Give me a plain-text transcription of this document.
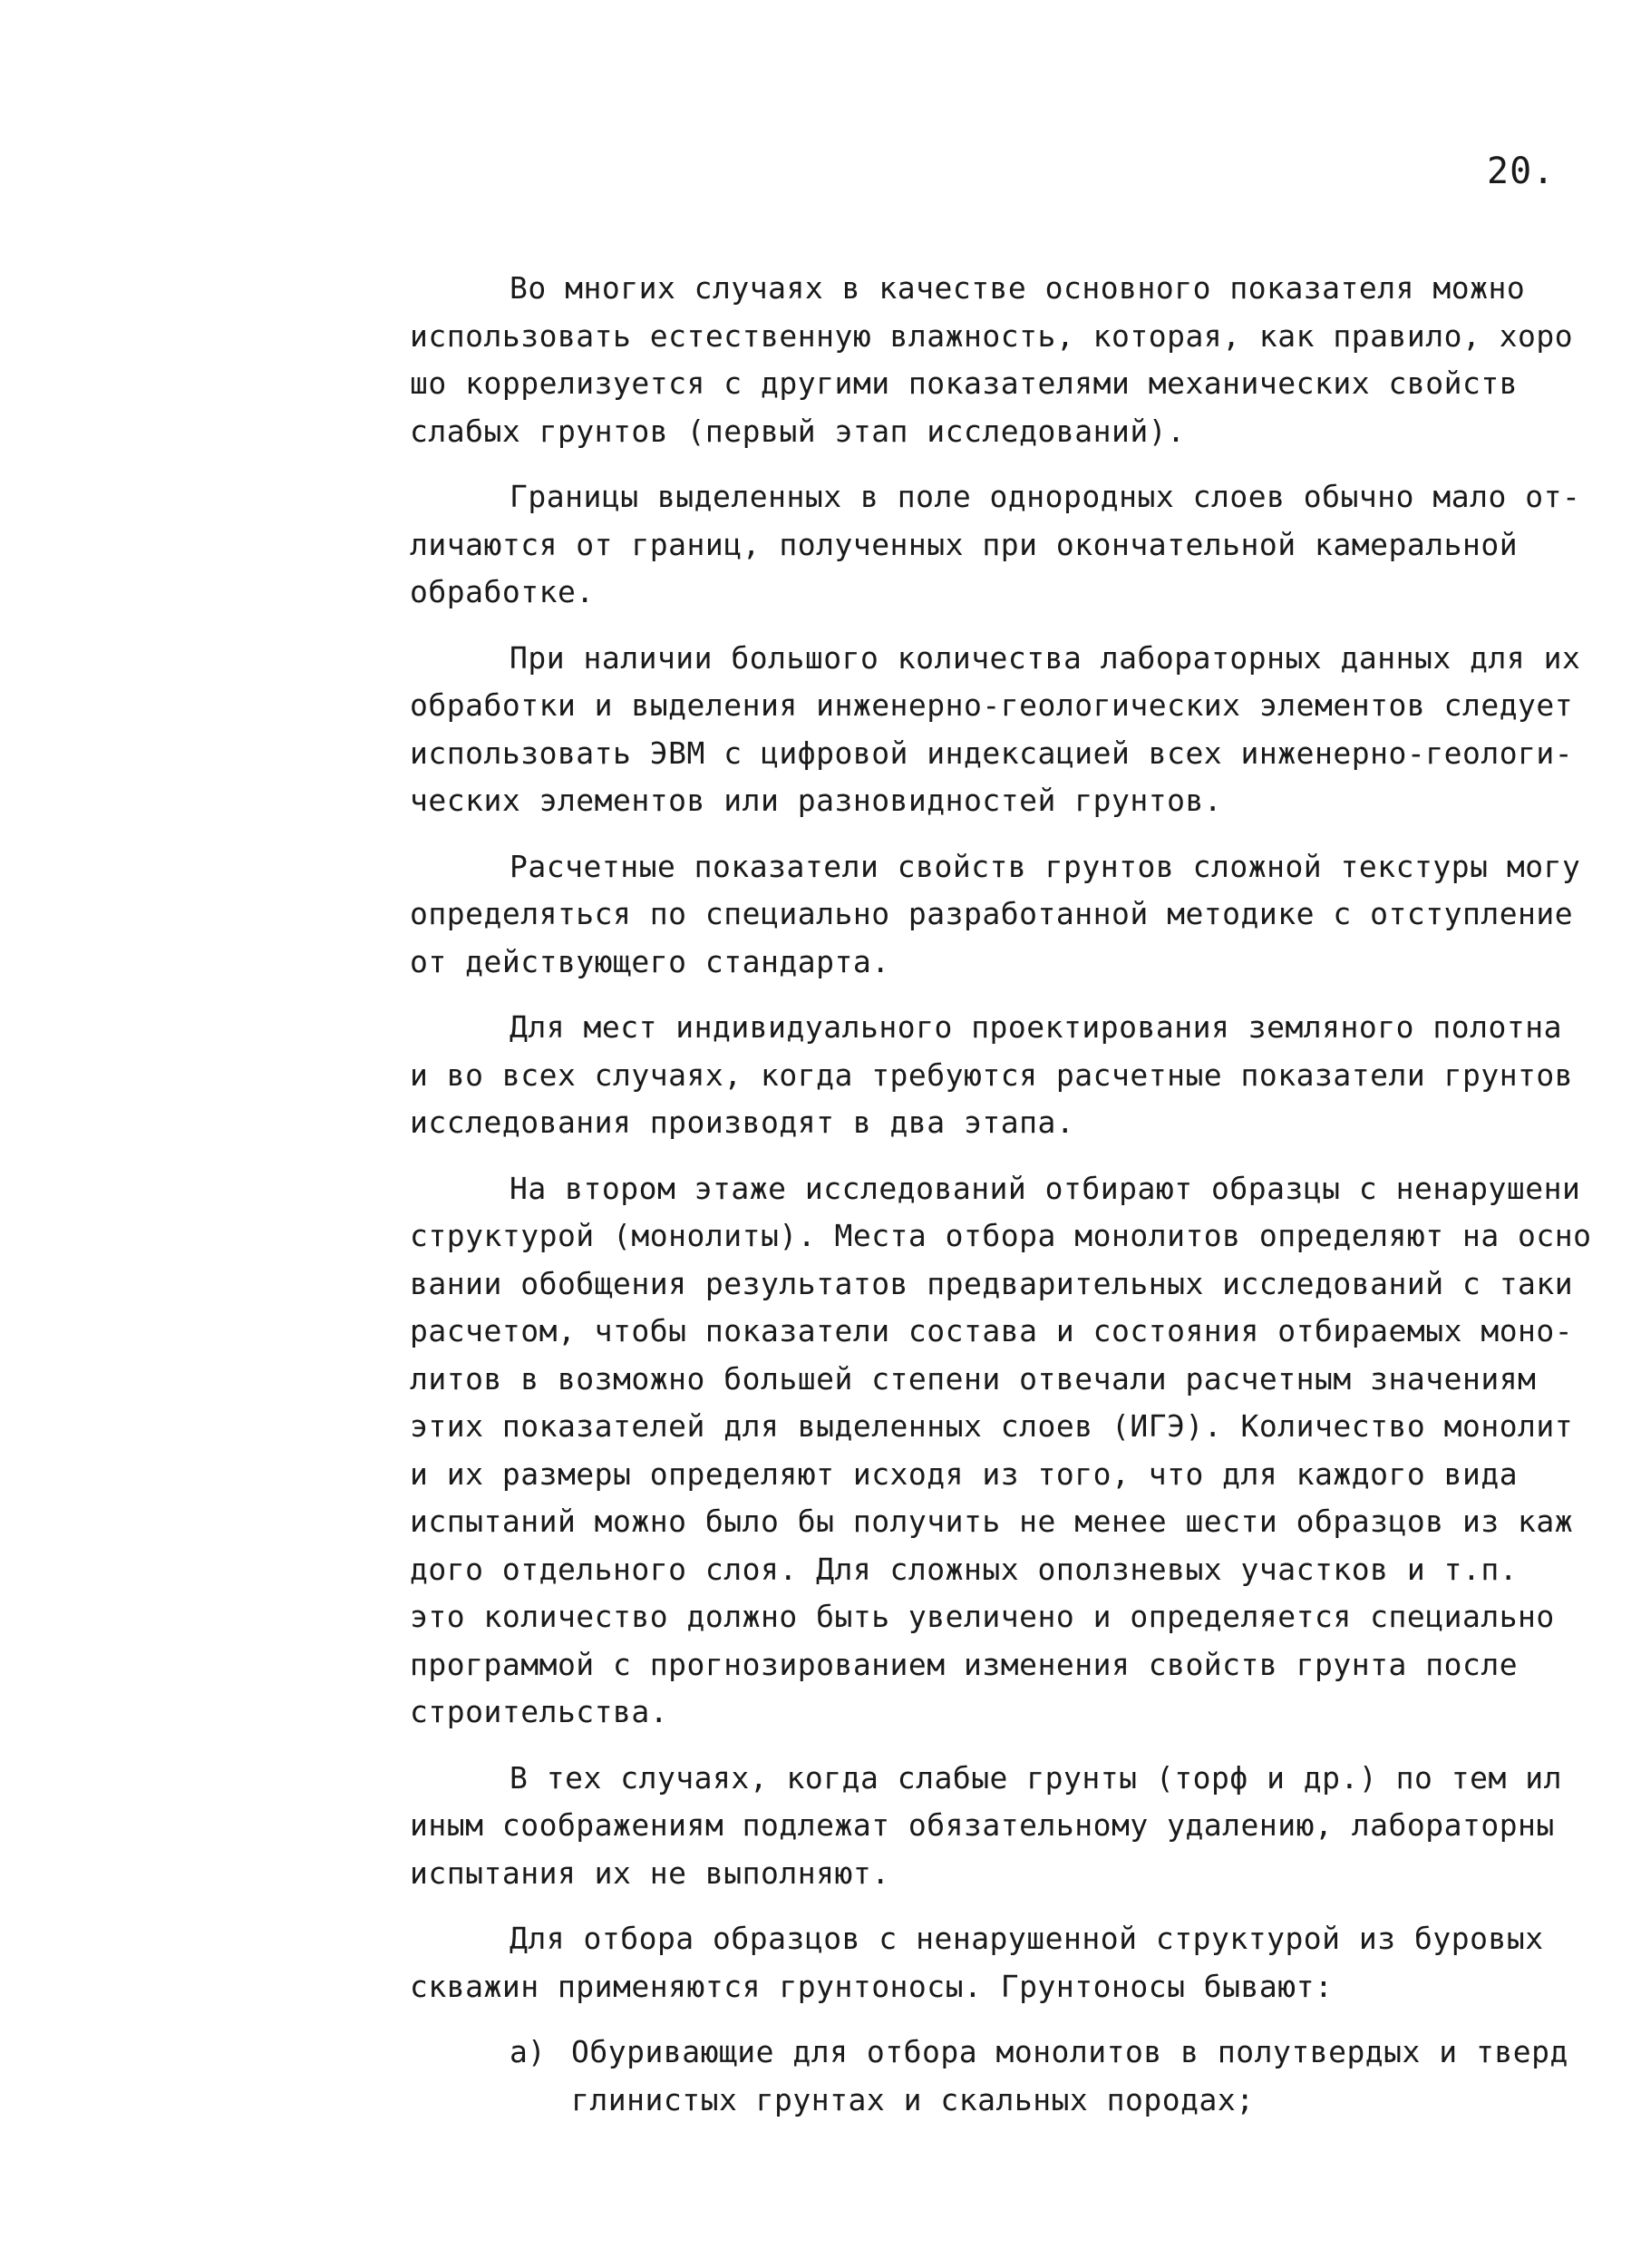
20.
Во многих случаях в качестве основного показателя можно
использовать естественную влажность, которая, как правило, хоро
шо коррелизуется с другими показателями механических свойств
слабых грунтов (первый этап исследований).
Границы выделенных в поле однородных слоев обычно мало от-
личаются от границ, полученных при окончательной камеральной
обработке.
При наличии большого количества лабораторных данных для их
обработки и выделения инженерно-геологических элементов следует
использовать ЭВМ с цифровой индексацией всех инженерно-геологи-
ческих элементов или разновидностей грунтов.
Расчетные показатели свойств грунтов сложной текстуры могу
определяться по специально разработанной методике с отступление
от действующего стандарта.
Для мест индивидуального проектирования земляного полотна
и во всех случаях, когда требуются расчетные показатели грунтов
исследования производят в два этапа.
На втором этаже исследований отбирают образцы с ненарушени
структурой (монолиты). Места отбора монолитов определяют на осно
вании обобщения результатов предварительных исследований с таки
расчетом, чтобы показатели состава и состояния отбираемых моно-
литов в возможно большей степени отвечали расчетным значениям
этих показателей для выделенных слоев (ИГЭ). Количество монолит
и их размеры определяют исходя из того, что для каждого вида
испытаний можно было бы получить не менее шести образцов из каж
дого отдельного слоя. Для сложных оползневых участков и т.п.
это количество должно быть увеличено и определяется специально
программой с прогнозированием изменения свойств грунта после
строительства.
В тех случаях, когда слабые грунты (торф и др.) по тем ил
иным соображениям подлежат обязательному удалению, лабораторны
испытания их не выполняют.
Для отбора образцов с ненарушенной структурой из буровых
скважин применяются грунтоносы. Грунтоносы бывают:
а) Обуривающие для отбора монолитов в полутвердых и тверд
глинистых грунтах и скальных породах;
